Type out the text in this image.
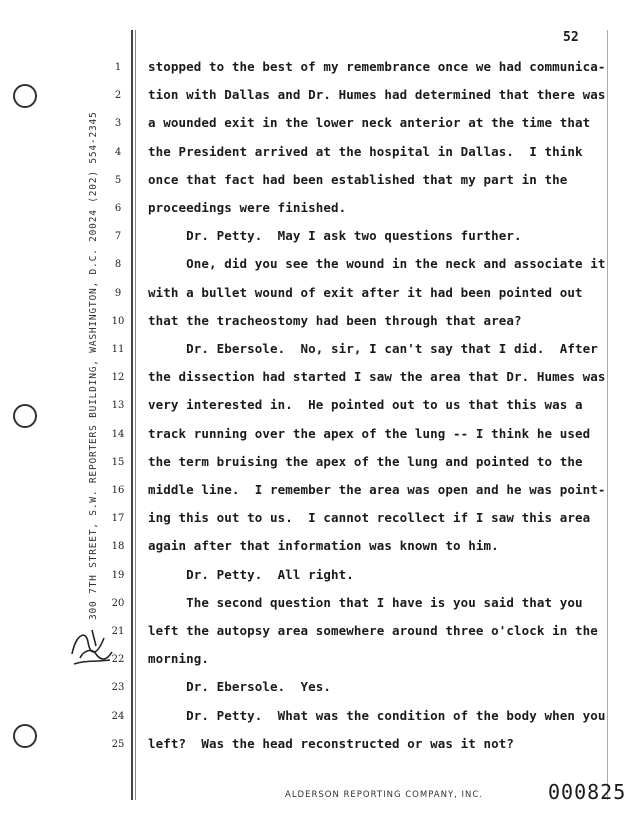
300 7TH STREET, S.W. REPORTERS BUILDING, WASHINGTON, D.C. 20024 (202) 554-2345
52
1	stopped to the best of my remembrance once we had communica-
2	tion with Dallas and Dr. Humes had determined that there was
3	a wounded exit in the lower neck anterior at the time that
4	the President arrived at the hospital in Dallas.  I think
5	once that fact had been established that my part in the
6	proceedings were finished.
7	Dr. Petty.  May I ask two questions further.
8	One, did you see the wound in the neck and associate it
9	with a bullet wound of exit after it had been pointed out
10 that the tracheostomy had been through that area?
11 Dr. Ebersole.  No, sir, I can't say that I did.  After
12 the dissection had started I saw the area that Dr. Humes was
13 very interested in.  He pointed out to us that this was a
14 track running over the apex of the lung -- I think he used
15 the term bruising the apex of the lung and pointed to the
16 middle line.  I remember the area was open and he was point-
17 ing this out to us.  I cannot recollect if I saw this area
18 again after that information was known to him.
19 Dr. Petty.  All right.
20 The second question that I have is you said that you
21 left the autopsy area somewhere around three o'clock in the
22 morning.
23 Dr. Ebersole.  Yes.
24 Dr. Petty.  What was the condition of the body when you
25 left?  Was the head reconstructed or was it not?
ALDERSON REPORTING COMPANY, INC.	000825
